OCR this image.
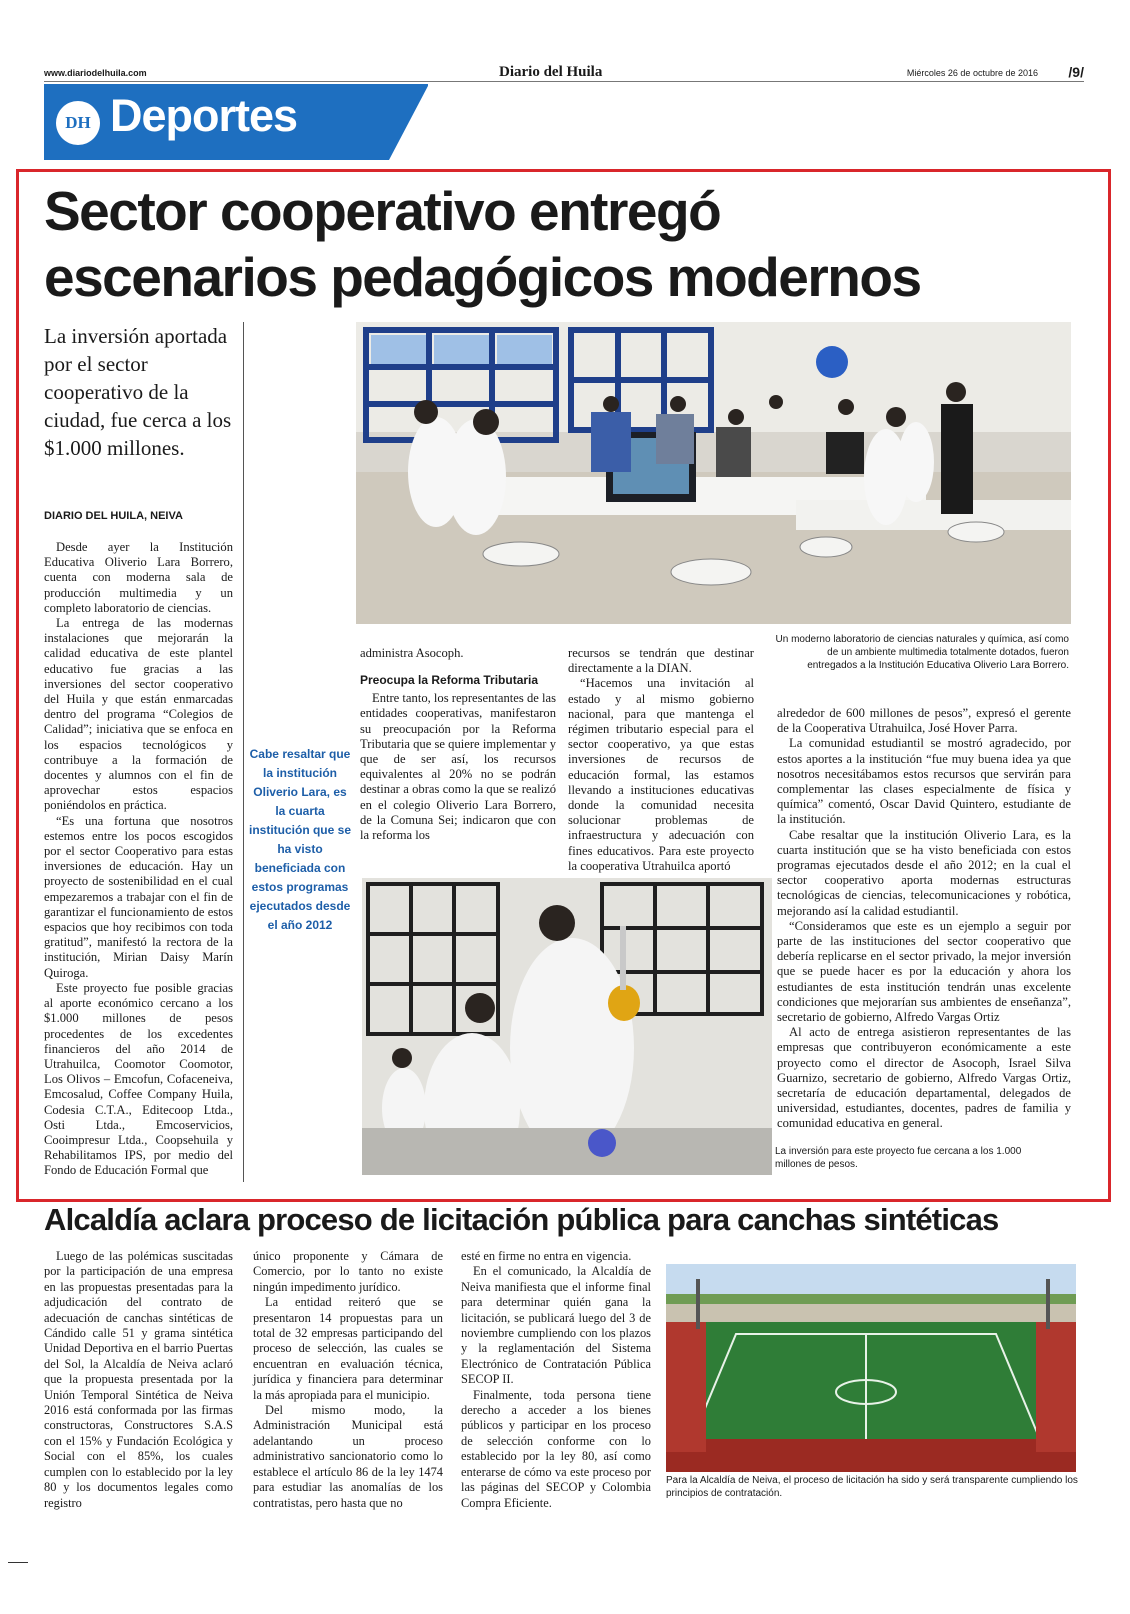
www.diariodelhuila.com	Diario del Huila	Miércoles 26 de octubre de 2016 /9/
DH Deportes
Sector cooperativo entregó
escenarios pedagógicos modernos
La inversión aportada por el sector cooperativo de la ciudad, fue cerca a los $1.000 millones.
DIARIO DEL HUILA, NEIVA

Desde ayer la Institución Educativa Oliverio Lara Borrero, cuenta con moderna sala de producción multimedia y un completo laboratorio de ciencias.

La entrega de las modernas instalaciones que mejorarán la calidad educativa de este plantel educativo fue gracias a las inversiones del sector cooperativo del Huila y que están enmarcadas dentro del programa “Colegios de Calidad”; iniciativa que se enfoca en los espacios tecnológicos y contribuye a la formación de docentes y alumnos con el fin de aprovechar estos espacios poniéndolos en práctica.

“Es una fortuna que nosotros estemos entre los pocos escogidos por el sector Cooperativo para estas inversiones de educación. Hay un proyecto de sostenibilidad en el cual empezaremos a trabajar con el fin de garantizar el funcionamiento de estos espacios que hoy recibimos con toda gratitud”, manifestó la rectora de la institución, Mirian Daisy Marín Quiroga.

Este proyecto fue posible gracias al aporte económico cercano a los $1.000 millones de pesos procedentes de los excedentes financieros del año 2014 de Utrahuilca, Coomotor Coomotor, Los Olivos – Emcofun, Cofaceneiva, Emcosalud, Coffee Company Huila, Codesia C.T.A., Editecoop Ltda., Osti Ltda., Emcoservicios, Cooimpresur Ltda., Coopsehuila y Rehabilitamos IPS, por medio del Fondo de Educación Formal que

Cabe resaltar que la institución Oliverio Lara, es la cuarta institución que se ha visto beneficiada con estos programas ejecutados desde el año 2012
Un moderno laboratorio de ciencias naturales y química, así como de un ambiente multimedia totalmente dotados, fueron entregados a la Institución Educativa Oliverio Lara Borrero.

administra Asocoph.

Preocupa la Reforma Tributaria

Entre tanto, los representantes de las entidades cooperativas, manifestaron su preocupación por la Reforma Tributaria que se quiere implementar y que de ser así, los recursos equivalentes al 20% no se podrán destinar a obras como la que se realizó en el colegio Oliverio Lara Borrero, de la Comuna Sei; indicaron que con la reforma los

recursos se tendrán que destinar directamente a la DIAN.

“Hacemos una invitación al estado y al mismo gobierno nacional, para que mantenga el régimen tributario especial para el sector cooperativo, ya que estas inversiones de recursos de educación formal, las estamos llevando a instituciones educativas donde la comunidad necesita solucionar problemas de infraestructura y adecuación con fines educativos. Para este proyecto la cooperativa Utrahuilca aportó

alrededor de 600 millones de pesos”, expresó el gerente de la Cooperativa Utrahuilca, José Hover Parra.

La comunidad estudiantil se mostró agradecido, por estos aportes a la institución “fue muy buena idea ya que nosotros necesitábamos estos recursos que servirán para complementar las clases especialmente de física y química” comentó, Oscar David Quintero, estudiante de la institución.

Cabe resaltar que la institución Oliverio Lara, es la cuarta institución que se ha visto beneficiada con estos programas ejecutados desde el año 2012; en la cual el sector cooperativo aporta modernas estructuras tecnológicas de ciencias, telecomunicaciones y robótica, mejorando así la calidad estudiantil.

“Consideramos que este es un ejemplo a seguir por parte de las instituciones del sector cooperativo que debería replicarse en el sector privado, la mejor inversión que se puede hacer es por la educación y ahora los estudiantes de esta institución tendrán unas excelente condiciones que mejorarían sus ambientes de enseñanza”, secretario de gobierno, Alfredo Vargas Ortiz

Al acto de entrega asistieron representantes de las empresas que contribuyeron económicamente a este proyecto como el director de Asocoph, Israel Silva Guarnizo, secretario de gobierno, Alfredo Vargas Ortiz, secretaría de educación departamental, delegados de universidad, estudiantes, docentes, padres de familia y comunidad educativa en general.

La inversión para este proyecto fue cercana a los 1.000 millones de pesos.
Alcaldía aclara proceso de licitación pública para canchas sintéticas

Luego de las polémicas suscitadas por la participación de una empresa en las propuestas presentadas para la adjudicación del contrato de adecuación de canchas sintéticas de Cándido calle 51 y grama sintética Unidad Deportiva en el barrio Puertas del Sol, la Alcaldía de Neiva aclaró que la propuesta presentada por la Unión Temporal Sintética de Neiva 2016 está conformada por las firmas constructoras, Constructores S.A.S con el 15% y Fundación Ecológica y Social con el 85%, los cuales cumplen con lo establecido por la ley 80 y los documentos legales como registro

único proponente y Cámara de Comercio, por lo tanto no existe ningún impedimento jurídico.

La entidad reiteró que se presentaron 14 propuestas para un total de 32 empresas participando del proceso de selección, las cuales se encuentran en evaluación técnica, jurídica y financiera para determinar la más apropiada para el municipio.

Del mismo modo, la Administración Municipal está adelantando un proceso administrativo sancionatorio como lo establece el artículo 86 de la ley 1474 para estudiar las anomalías de los contratistas, pero hasta que no

esté en firme no entra en vigencia.

En el comunicado, la Alcaldía de Neiva manifiesta que el informe final para determinar quién gana la licitación, se publicará luego del 3 de noviembre cumpliendo con los plazos y la reglamentación del Sistema Electrónico de Contratación Pública SECOP II.

Finalmente, toda persona tiene derecho a acceder a los bienes públicos y participar en los proceso de selección conforme con lo establecido por la ley 80, así como enterarse de cómo va este proceso por las páginas del SECOP y Colombia Compra Eficiente.

Para la Alcaldía de Neiva, el proceso de licitación ha sido y será transparente cumpliendo los principios de contratación.
